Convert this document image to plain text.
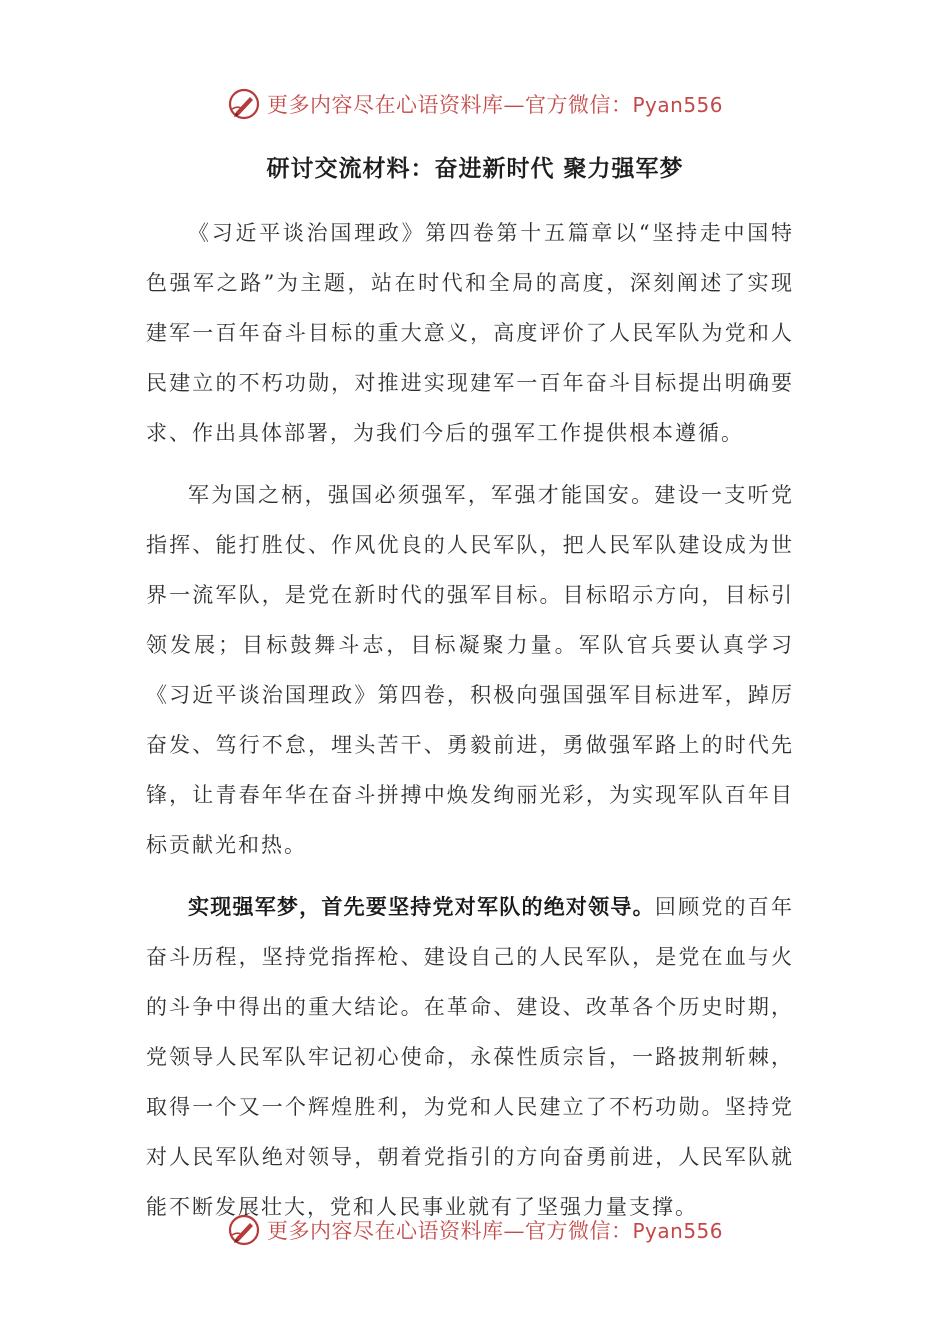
更多内容尽在心语资料库—官方微信：Pyan556
研讨交流材料：奋进新时代 聚力强军梦

《习近平谈治国理政》第四卷第十五篇章以“坚持走中国特色强军之路”为主题，站在时代和全局的高度，深刻阐述了实现建军一百年奋斗目标的重大意义，高度评价了人民军队为党和人民建立的不朽功勋，对推进实现建军一百年奋斗目标提出明确要求、作出具体部署，为我们今后的强军工作提供根本遵循。

军为国之柄，强国必须强军，军强才能国安。建设一支听党指挥、能打胜仗、作风优良的人民军队，把人民军队建设成为世界一流军队，是党在新时代的强军目标。目标昭示方向，目标引领发展；目标鼓舞斗志，目标凝聚力量。军队官兵要认真学习《习近平谈治国理政》第四卷，积极向强国强军目标进军，踔厉奋发、笃行不怠，埋头苦干、勇毅前进，勇做强军路上的时代先锋，让青春年华在奋斗拼搏中焕发绚丽光彩，为实现军队百年目标贡献光和热。

实现强军梦，首先要坚持党对军队的绝对领导。回顾党的百年奋斗历程，坚持党指挥枪、建设自己的人民军队，是党在血与火的斗争中得出的重大结论。在革命、建设、改革各个历史时期，党领导人民军队牢记初心使命，永葆性质宗旨，一路披荆斩棘，取得一个又一个辉煌胜利，为党和人民建立了不朽功勋。坚持党对人民军队绝对领导，朝着党指引的方向奋勇前进，人民军队就能不断发展壮大，党和人民事业就有了坚强力量支撑。

更多内容尽在心语资料库—官方微信：Pyan556
